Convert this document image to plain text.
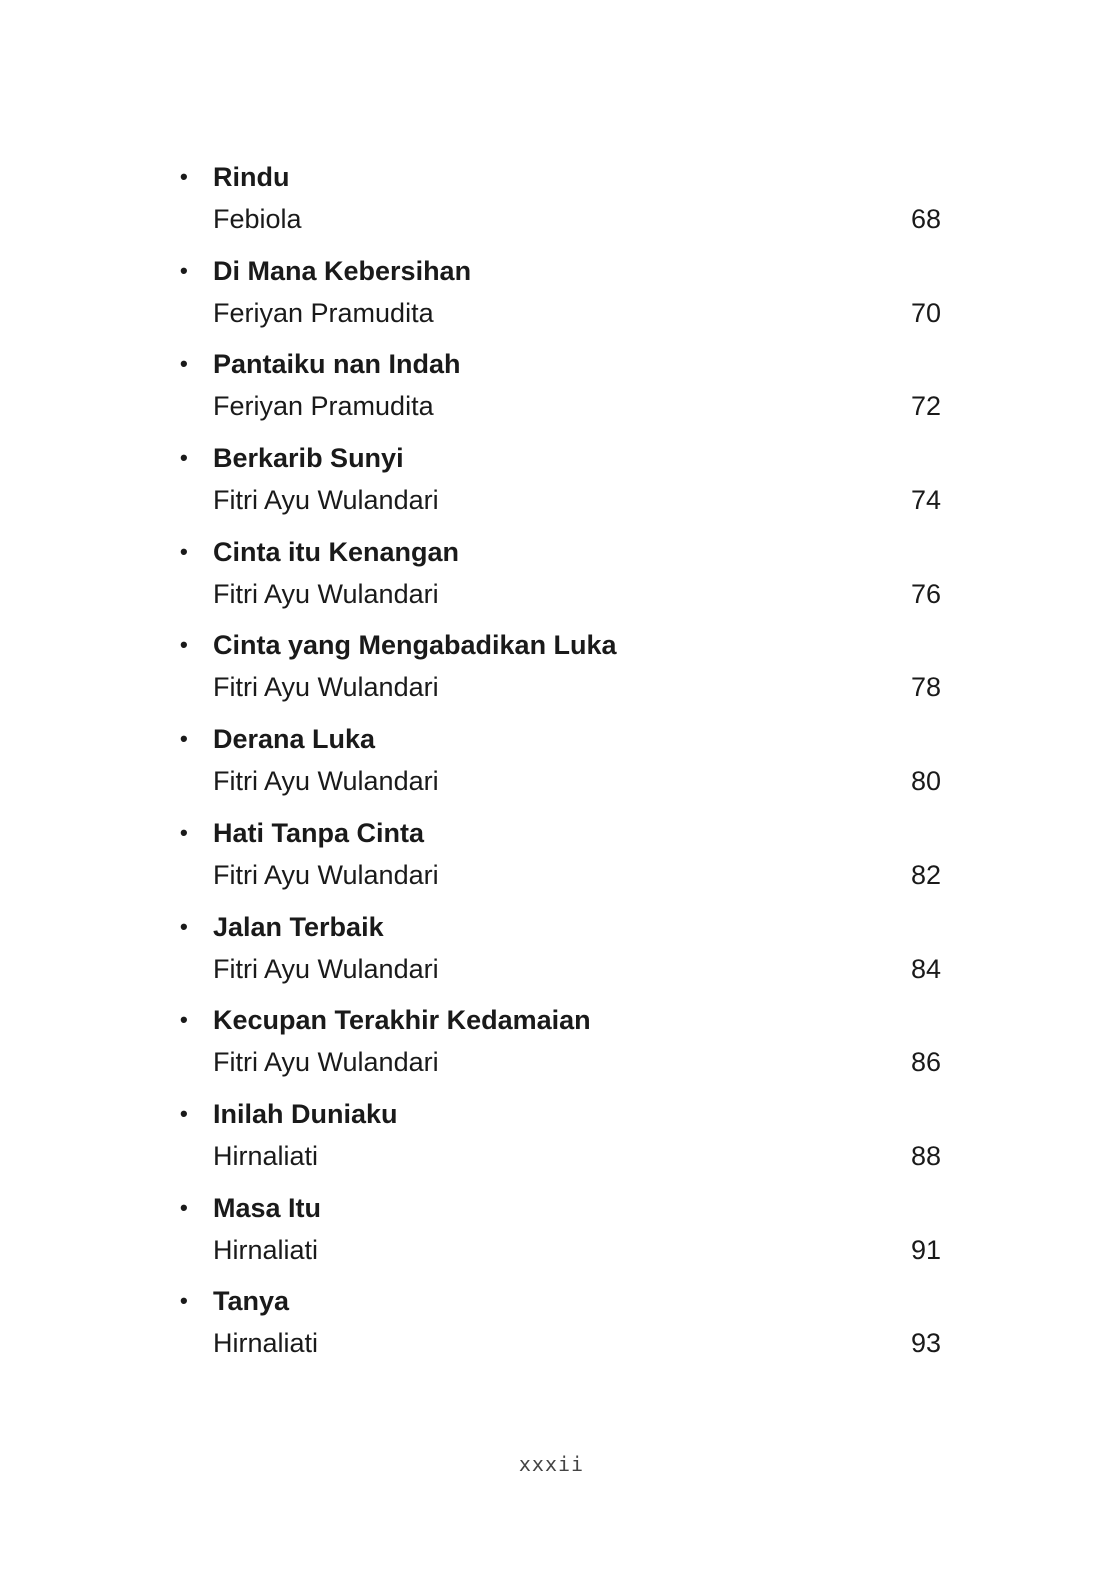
• Rindu
Febiola	68
• Di Mana Kebersihan
Feriyan Pramudita	70
• Pantaiku nan Indah
Feriyan Pramudita	72
• Berkarib Sunyi
Fitri Ayu Wulandari	74
• Cinta itu Kenangan
Fitri Ayu Wulandari	76
• Cinta yang Mengabadikan Luka
Fitri Ayu Wulandari	78
• Derana Luka
Fitri Ayu Wulandari	80
• Hati Tanpa Cinta
Fitri Ayu Wulandari	82
• Jalan Terbaik
Fitri Ayu Wulandari	84
• Kecupan Terakhir Kedamaian
Fitri Ayu Wulandari	86
• Inilah Duniaku
Hirnaliati	88
• Masa Itu
Hirnaliati	91
• Tanya
Hirnaliati	93
xxxii
